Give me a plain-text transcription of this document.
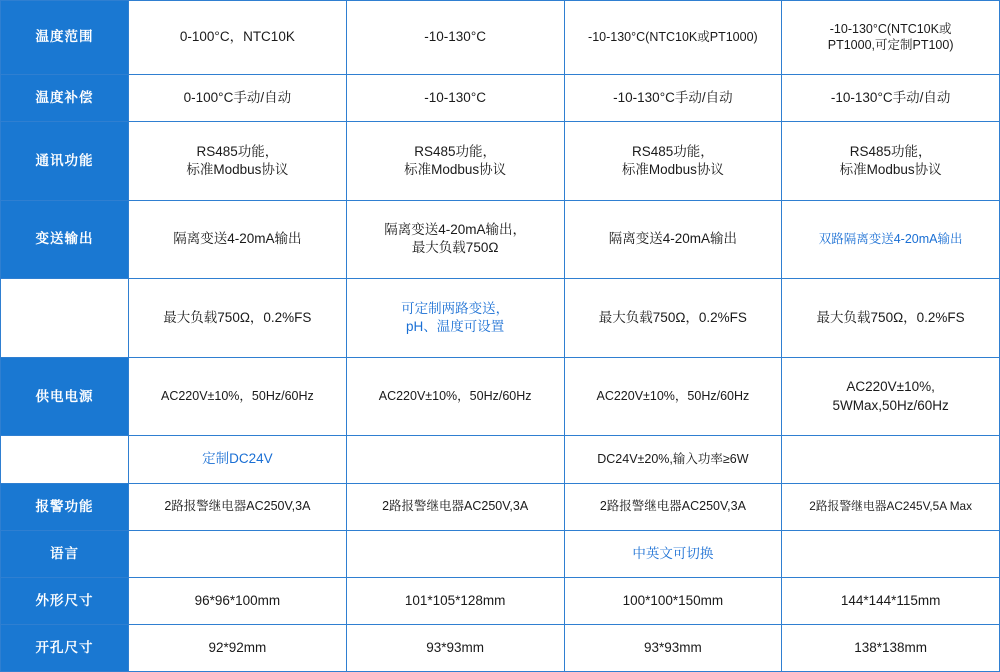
温度范围	0-100°C，NTC10K	-10-130°C	-10-130°C(NTC10K或PT1000)	-10-130°C(NTC10K或
PT1000,可定制PT100)

温度补偿	0-100°C手动/自动	-10-130°C	-10-130°C手动/自动	-10-130°C手动/自动

通讯功能	RS485功能，
标准Modbus协议	RS485功能，
标准Modbus协议	RS485功能，
标准Modbus协议	RS485功能，
标准Modbus协议

变送输出	隔离变送4-20mA输出	隔离变送4-20mA输出，
最大负载750Ω	隔离变送4-20mA输出	双路隔离变送4-20mA输出

	最大负载750Ω，0.2%FS	可定制两路变送，
pH、温度可设置	最大负载750Ω，0.2%FS	最大负载750Ω，0.2%FS

供电电源	AC220V±10%，50Hz/60Hz	AC220V±10%，50Hz/60Hz	AC220V±10%，50Hz/60Hz	AC220V±10%,
5WMax,50Hz/60Hz

	定制DC24V		DC24V±20%,输入功率≥6W	

报警功能	2路报警继电器AC250V,3A	2路报警继电器AC250V,3A	2路报警继电器AC250V,3A	2路报警继电器AC245V,5A Max

语言			中英文可切换	

外形尺寸	96*96*100mm	101*105*128mm	100*100*150mm	144*144*115mm

开孔尺寸	92*92mm	93*93mm	93*93mm	138*138mm
